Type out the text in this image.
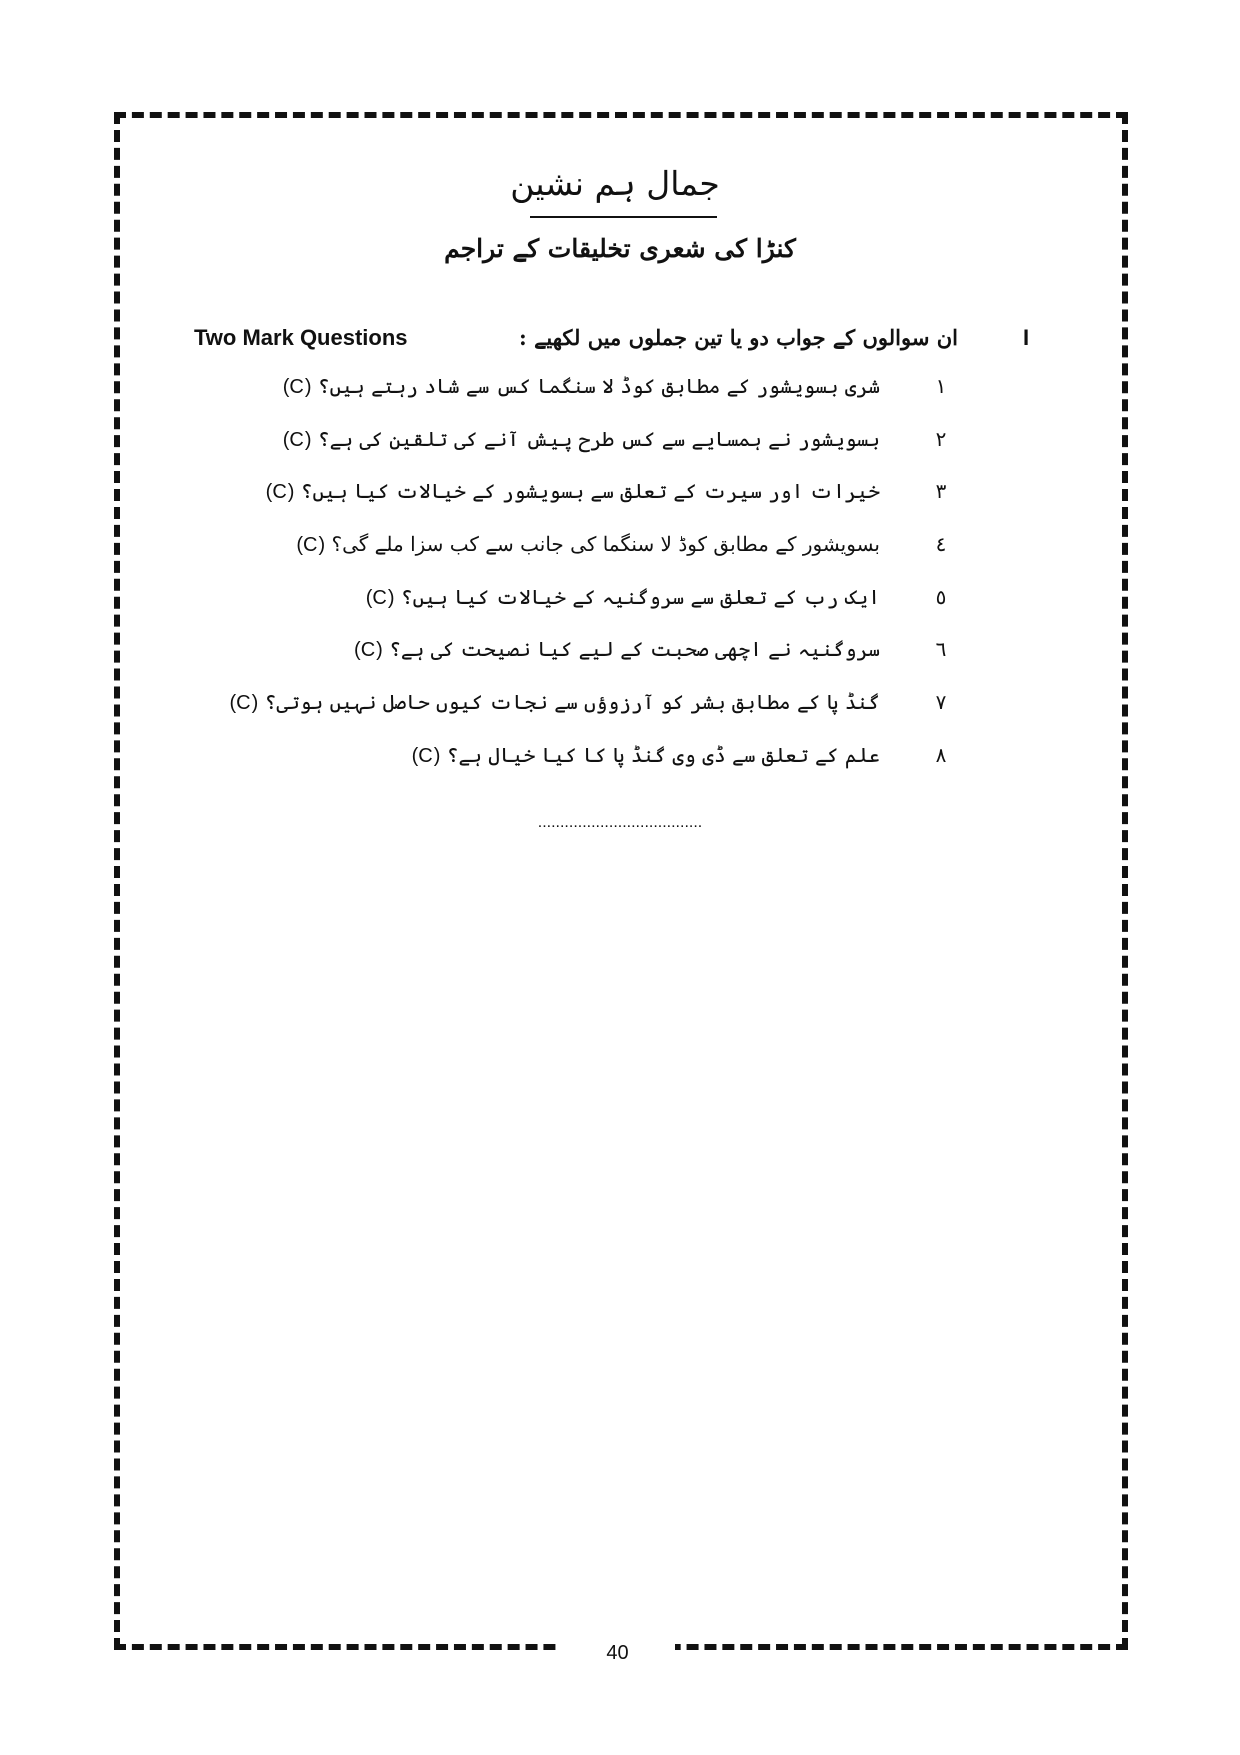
40
جمال ہم نشین
کنڑا کی شعری تخلیقات کے تراجم
I
ان سوالوں کے جواب دو یا تین جملوں میں لکھیے :
Two Mark Questions
١
شری بسویشور کے مطابق کوڈ لا سنگما کس سے شاد رہتے ہیں؟ (C)
٢
بسویشور نے ہمسایے سے کس طرح پیش آنے کی تلقین کی ہے؟ (C)
٣
خیرات اور سیرت کے تعلق سے بسویشور کے خیالات کیا ہیں؟ (C)
٤
بسویشور کے مطابق کوڈ لا سنگما کی جانب سے کب سزا ملے گی؟ (C)
٥
ایک رب کے تعلق سے سروگنیہ کے خیالات کیا ہیں؟ (C)
٦
سروگنیہ نے اچھی صحبت کے لیے کیا نصیحت کی ہے؟ (C)
٧
گنڈ پا کے مطابق بشر کو آرزوؤں سے نجات کیوں حاصل نہیں ہوتی؟ (C)
٨
علم کے تعلق سے ڈی وی گنڈ پا کا کیا خیال ہے؟ (C)
.....................................
